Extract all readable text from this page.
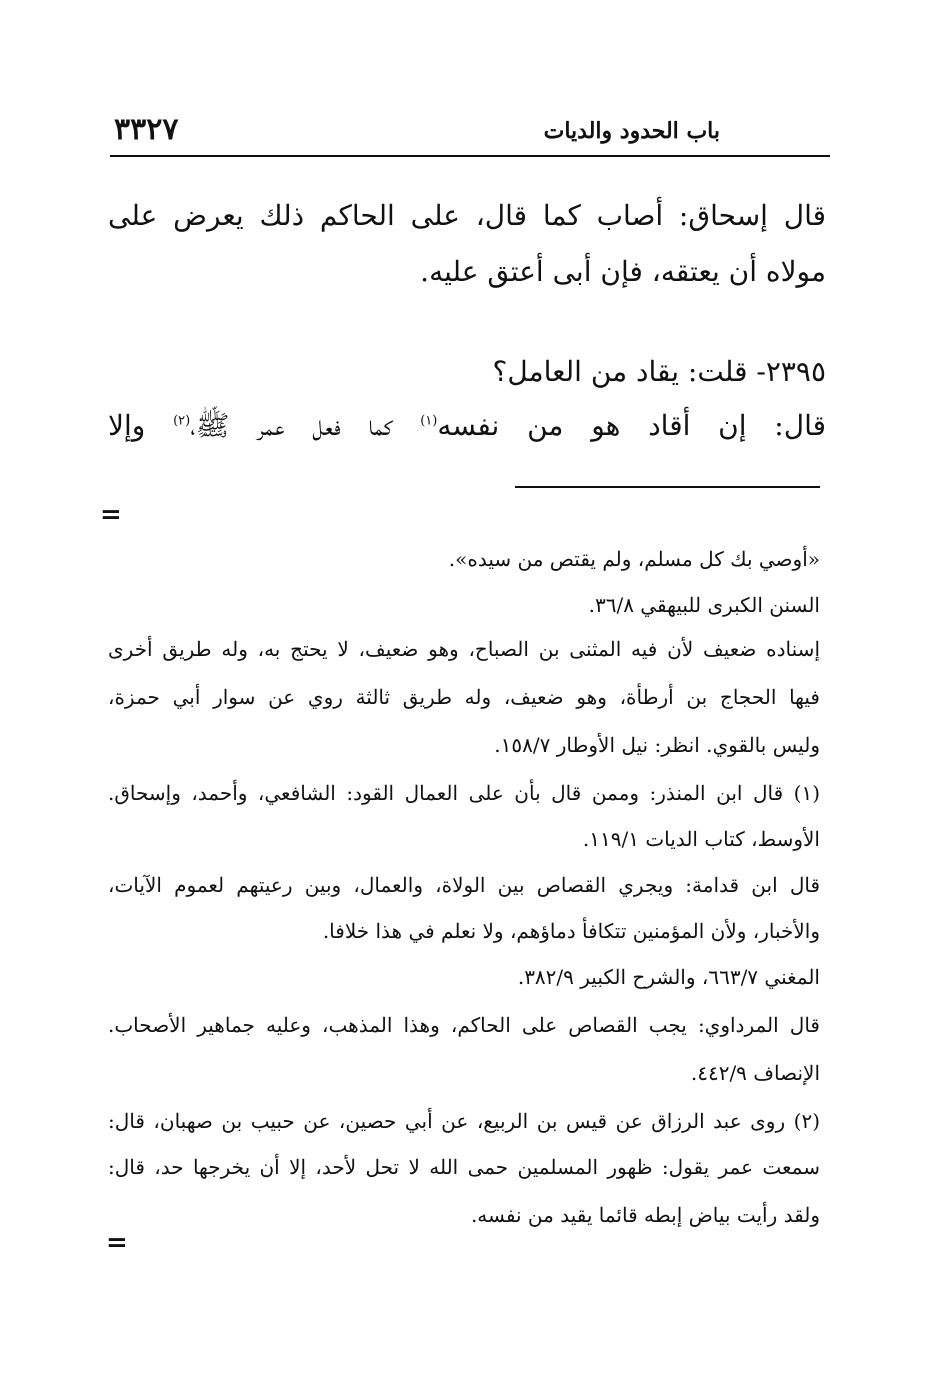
باب الحدود والديات
٣٣٢٧
قال إسحاق: أصاب كما قال، على الحاكم ذلك يعرض على
مولاه أن يعتقه، فإن أبى أعتق عليه.
٢٣٩٥- قلت: يقاد من العامل؟
قال: إن أقاد هو من نفسه$^{(١)}$ كما فعل عمر ﷺ،$^{(٢)}$ وإلا
=
«أوصي بك كل مسلم، ولم يقتص من سيده».
السنن الكبرى للبيهقي ٣٦/٨.
إسناده ضعيف لأن فيه المثنى بن الصباح، وهو ضعيف، لا يحتج به، وله طريق أخرى
فيها الحجاج بن أرطأة، وهو ضعيف، وله طريق ثالثة روي عن سوار أبي حمزة،
وليس بالقوي. انظر: نيل الأوطار ١٥٨/٧.
(١) قال ابن المنذر: وممن قال بأن على العمال القود: الشافعي، وأحمد، وإسحاق.
الأوسط، كتاب الديات ١١٩/١.
قال ابن قدامة: ويجري القصاص بين الولاة، والعمال، وبين رعيتهم لعموم الآيات،
والأخبار، ولأن المؤمنين تتكافأ دماؤهم، ولا نعلم في هذا خلافا.
المغني ٦٦٣/٧، والشرح الكبير ٣٨٢/٩.
قال المرداوي: يجب القصاص على الحاكم، وهذا المذهب، وعليه جماهير الأصحاب.
الإنصاف ٤٤٢/٩.
(٢) روى عبد الرزاق عن قيس بن الربيع، عن أبي حصين، عن حبيب بن صهبان، قال:
سمعت عمر يقول: ظهور المسلمين حمى الله لا تحل لأحد، إلا أن يخرجها حد، قال:
ولقد رأيت بياض إبطه قائما يقيد من نفسه.
=
